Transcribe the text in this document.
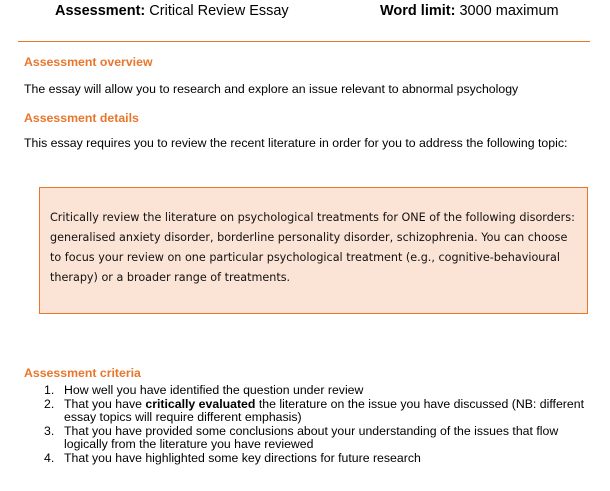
Assessment: Critical Review Essay	Word limit: 3000 maximum
Assessment overview
The essay will allow you to research and explore an issue relevant to abnormal psychology
Assessment details
This essay requires you to review the recent literature in order for you to address the following topic:
Critically review the literature on psychological treatments for ONE of the following disorders: generalised anxiety disorder, borderline personality disorder, schizophrenia. You can choose to focus your review on one particular psychological treatment (e.g., cognitive-behavioural therapy) or a broader range of treatments.
Assessment criteria
1. How well you have identified the question under review
2. That you have critically evaluated the literature on the issue you have discussed (NB: different essay topics will require different emphasis)
3. That you have provided some conclusions about your understanding of the issues that flow logically from the literature you have reviewed
4. That you have highlighted some key directions for future research
